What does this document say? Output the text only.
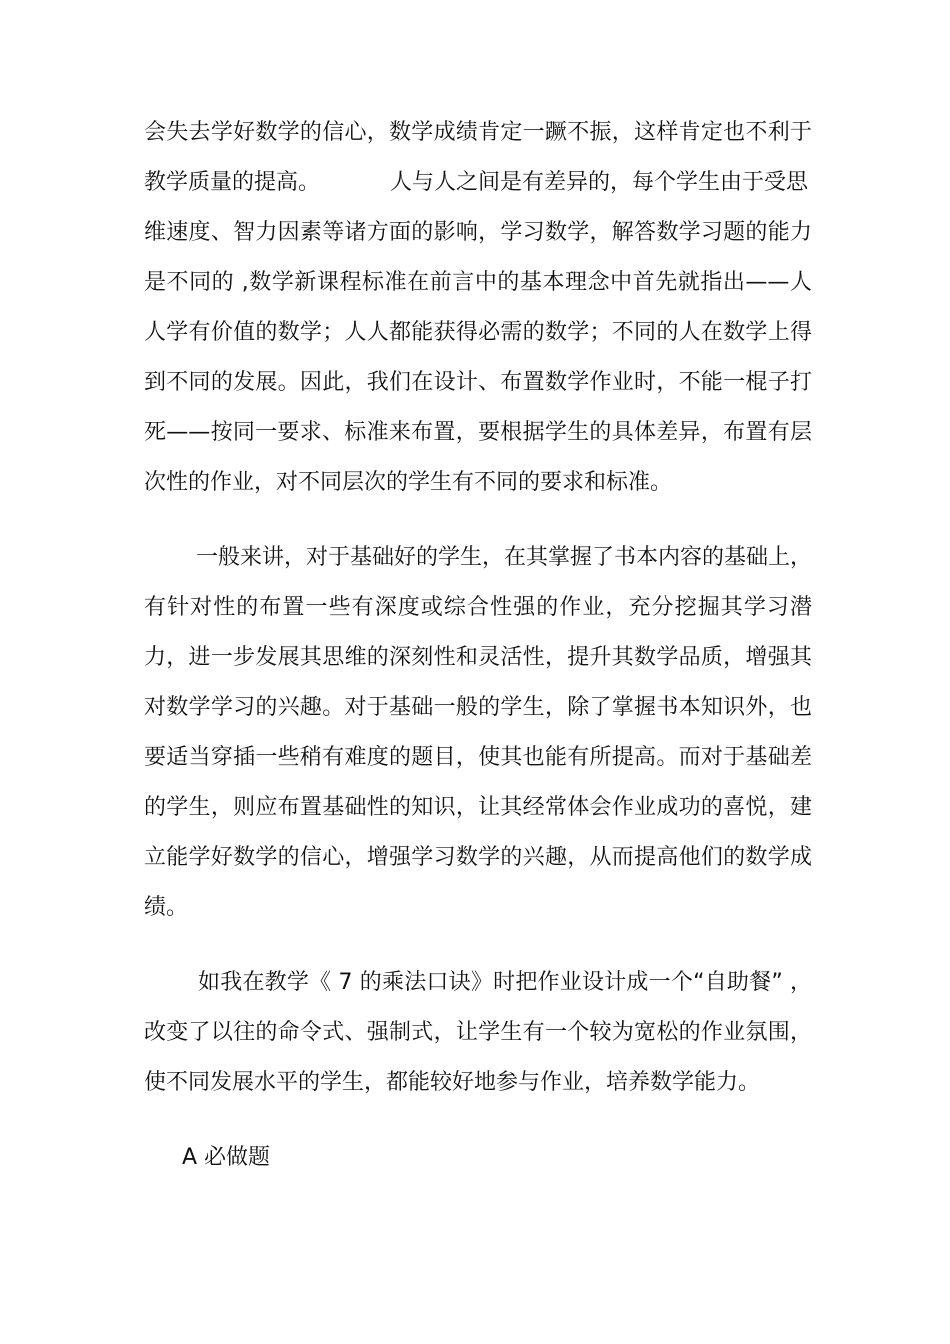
会失去学好数学的信心，数学成绩肯定一蹶不振，这样肯定也不利于
教学质量的提高。	人与人之间是有差异的，每个学生由于受思
维速度、智力因素等诸方面的影响，学习数学，解答数学习题的能力
是不同的 ,数学新课程标准在前言中的基本理念中首先就指出——人
人学有价值的数学；人人都能获得必需的数学；不同的人在数学上得
到不同的发展。因此，我们在设计、布置数学作业时，不能一棍子打
死——按同一要求、标准来布置，要根据学生的具体差异，布置有层
次性的作业，对不同层次的学生有不同的要求和标准。
一般来讲，对于基础好的学生，在其掌握了书本内容的基础上，
有针对性的布置一些有深度或综合性强的作业，充分挖掘其学习潜
力，进一步发展其思维的深刻性和灵活性，提升其数学品质，增强其
对数学学习的兴趣。对于基础一般的学生，除了掌握书本知识外，也
要适当穿插一些稍有难度的题目，使其也能有所提高。而对于基础差
的学生，则应布置基础性的知识，让其经常体会作业成功的喜悦，建
立能学好数学的信心，增强学习数学的兴趣，从而提高他们的数学成
绩。
如我在教学《 7 的乘法口诀》时把作业设计成一个“自助餐” ，
改变了以往的命令式、强制式，让学生有一个较为宽松的作业氛围，
使不同发展水平的学生，都能较好地参与作业，培养数学能力。
A 必做题
